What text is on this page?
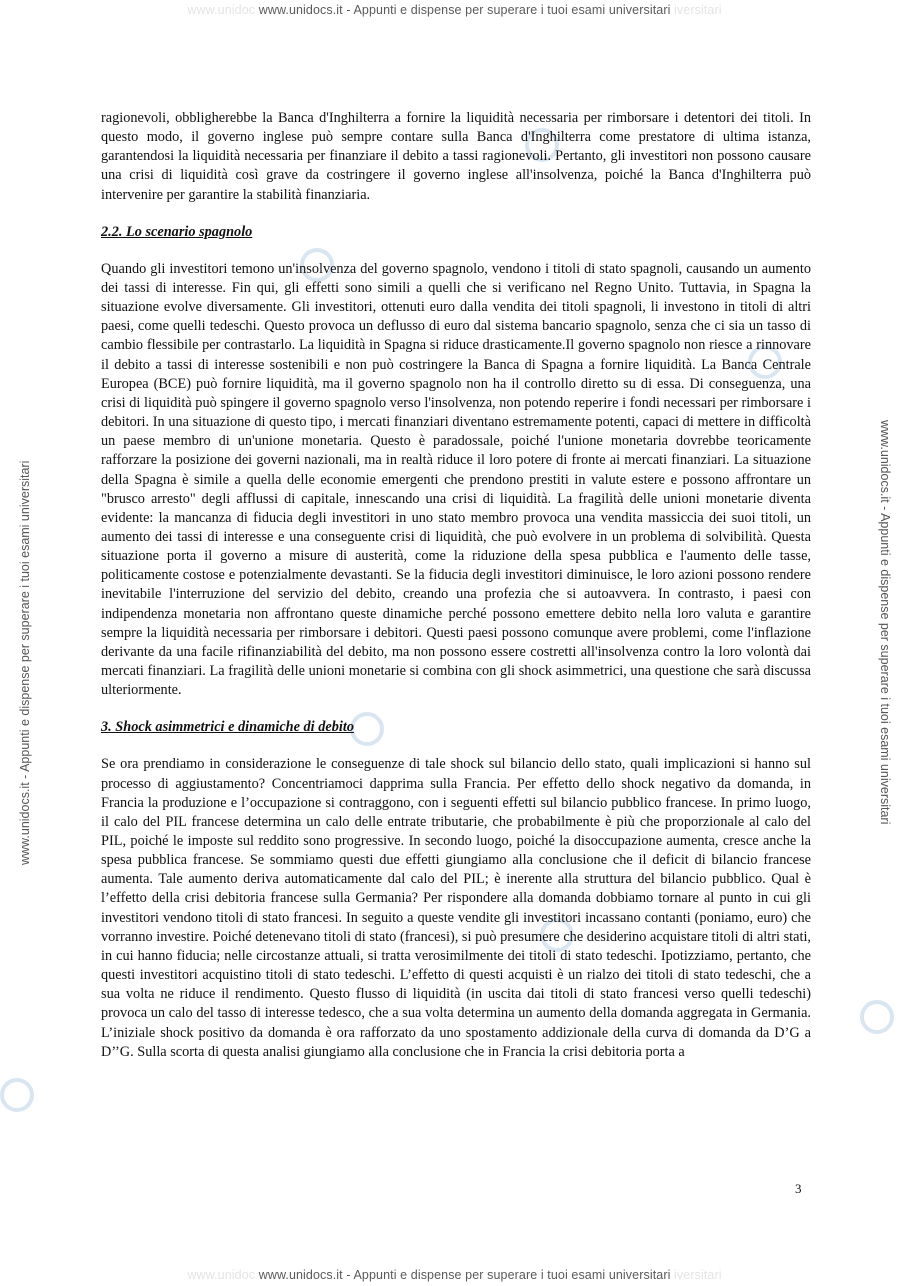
www.unidoc www.unidocs.it - Appunti e dispense per superare i tuoi esami universitari iversitari
www.unidocs.it - Appunti e dispense per superare i tuoi esami universitari	www.unidocs.it - Appunti e dispense per superare i tuoi esami universitari

ragionevoli, obbligherebbe la Banca d'Inghilterra a fornire la liquidità necessaria per rimborsare i detentori dei titoli. In questo modo, il governo inglese può sempre contare sulla Banca d'Inghilterra come prestatore di ultima istanza, garantendosi la liquidità necessaria per finanziare il debito a tassi ragionevoli. Pertanto, gli investitori non possono causare una crisi di liquidità così grave da costringere il governo inglese all'insolvenza, poiché la Banca d'Inghilterra può intervenire per garantire la stabilità finanziaria.

2.2. Lo scenario spagnolo

Quando gli investitori temono un'insolvenza del governo spagnolo, vendono i titoli di stato spagnoli, causando un aumento dei tassi di interesse. Fin qui, gli effetti sono simili a quelli che si verificano nel Regno Unito. Tuttavia, in Spagna la situazione evolve diversamente. Gli investitori, ottenuti euro dalla vendita dei titoli spagnoli, li investono in titoli di altri paesi, come quelli tedeschi. Questo provoca un deflusso di euro dal sistema bancario spagnolo, senza che ci sia un tasso di cambio flessibile per contrastarlo. La liquidità in Spagna si riduce drasticamente.Il governo spagnolo non riesce a rinnovare il debito a tassi di interesse sostenibili e non può costringere la Banca di Spagna a fornire liquidità. La Banca Centrale Europea (BCE) può fornire liquidità, ma il governo spagnolo non ha il controllo diretto su di essa. Di conseguenza, una crisi di liquidità può spingere il governo spagnolo verso l'insolvenza, non potendo reperire i fondi necessari per rimborsare i debitori. In una situazione di questo tipo, i mercati finanziari diventano estremamente potenti, capaci di mettere in difficoltà un paese membro di un'unione monetaria. Questo è paradossale, poiché l'unione monetaria dovrebbe teoricamente rafforzare la posizione dei governi nazionali, ma in realtà riduce il loro potere di fronte ai mercati finanziari. La situazione della Spagna è simile a quella delle economie emergenti che prendono prestiti in valute estere e possono affrontare un "brusco arresto" degli afflussi di capitale, innescando una crisi di liquidità. La fragilità delle unioni monetarie diventa evidente: la mancanza di fiducia degli investitori in uno stato membro provoca una vendita massiccia dei suoi titoli, un aumento dei tassi di interesse e una conseguente crisi di liquidità, che può evolvere in un problema di solvibilità. Questa situazione porta il governo a misure di austerità, come la riduzione della spesa pubblica e l'aumento delle tasse, politicamente costose e potenzialmente devastanti. Se la fiducia degli investitori diminuisce, le loro azioni possono rendere inevitabile l'interruzione del servizio del debito, creando una profezia che si autoavvera. In contrasto, i paesi con indipendenza monetaria non affrontano queste dinamiche perché possono emettere debito nella loro valuta e garantire sempre la liquidità necessaria per rimborsare i debitori. Questi paesi possono comunque avere problemi, come l'inflazione derivante da una facile rifinanziabilità del debito, ma non possono essere costretti all'insolvenza contro la loro volontà dai mercati finanziari. La fragilità delle unioni monetarie si combina con gli shock asimmetrici, una questione che sarà discussa ulteriormente.

3. Shock asimmetrici e dinamiche di debito

Se ora prendiamo in considerazione le conseguenze di tale shock sul bilancio dello stato, quali implicazioni si hanno sul processo di aggiustamento? Concentriamoci dapprima sulla Francia. Per effetto dello shock negativo da domanda, in Francia la produzione e l’occupazione si contraggono, con i seguenti effetti sul bilancio pubblico francese. In primo luogo, il calo del PIL francese determina un calo delle entrate tributarie, che probabilmente è più che proporzionale al calo del PIL, poiché le imposte sul reddito sono progressive. In secondo luogo, poiché la disoccupazione aumenta, cresce anche la spesa pubblica francese. Se sommiamo questi due effetti giungiamo alla conclusione che il deficit di bilancio francese aumenta. Tale aumento deriva automaticamente dal calo del PIL; è inerente alla struttura del bilancio pubblico. Qual è l’effetto della crisi debitoria francese sulla Germania? Per rispondere alla domanda dobbiamo tornare al punto in cui gli investitori vendono titoli di stato francesi. In seguito a queste vendite gli investitori incassano contanti (poniamo, euro) che vorranno investire. Poiché detenevano titoli di stato (francesi), si può presumere che desiderino acquistare titoli di altri stati, in cui hanno fiducia; nelle circostanze attuali, si tratta verosimilmente dei titoli di stato tedeschi. Ipotizziamo, pertanto, che questi investitori acquistino titoli di stato tedeschi. L’effetto di questi acquisti è un rialzo dei titoli di stato tedeschi, che a sua volta ne riduce il rendimento. Questo flusso di liquidità (in uscita dai titoli di stato francesi verso quelli tedeschi) provoca un calo del tasso di interesse tedesco, che a sua volta determina un aumento della domanda aggregata in Germania. L’iniziale shock positivo da domanda è ora rafforzato da uno spostamento addizionale della curva di domanda da D’G a D’’G. Sulla scorta di questa analisi giungiamo alla conclusione che in Francia la crisi debitoria porta a

3
www.unidoc www.unidocs.it - Appunti e dispense per superare i tuoi esami universitari iversitari
